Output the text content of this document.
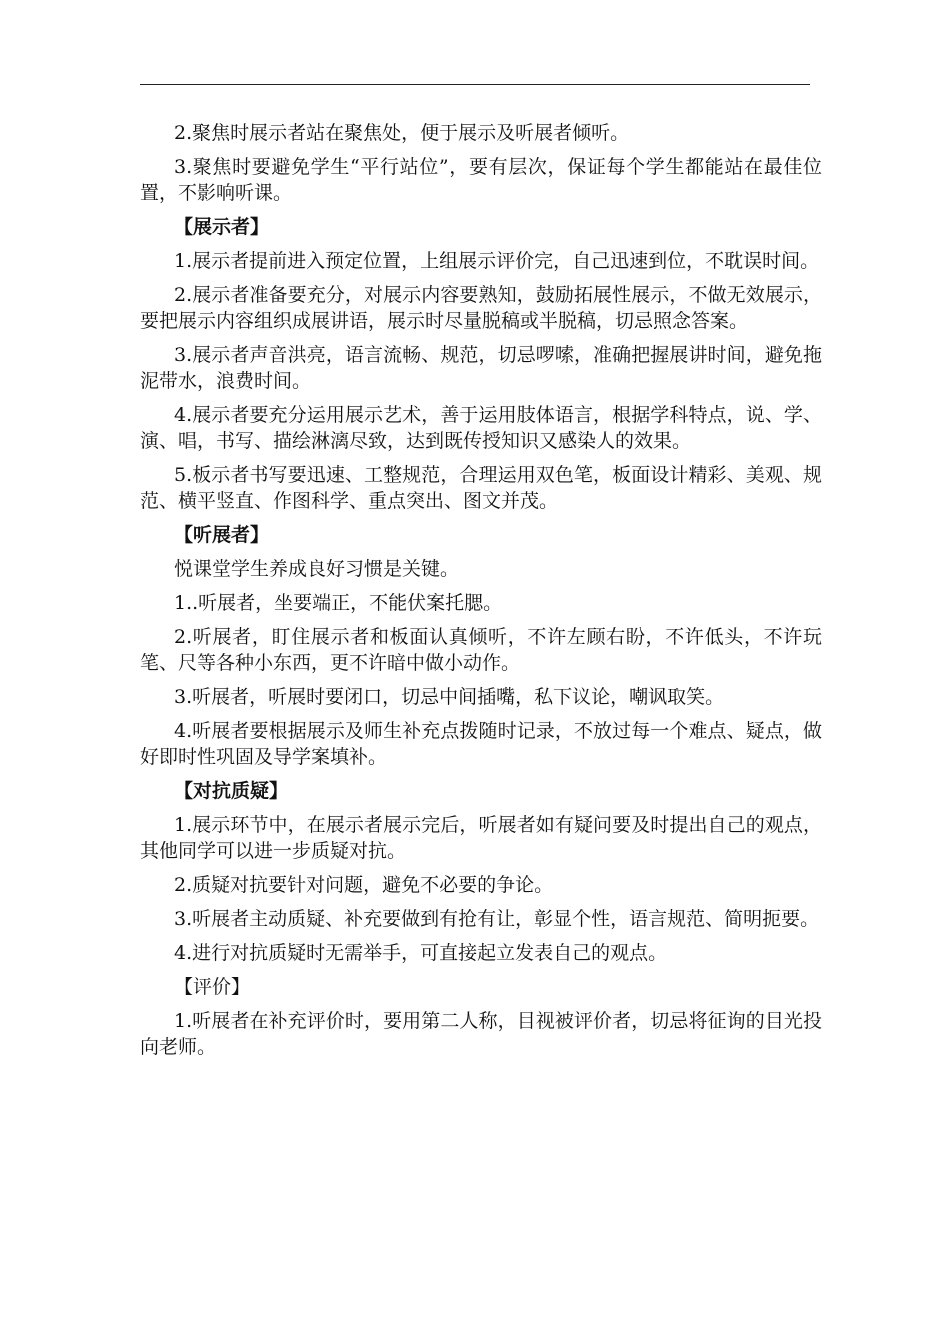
2.聚焦时展示者站在聚焦处，便于展示及听展者倾听。

3.聚焦时要避免学生“平行站位”，要有层次，保证每个学生都能站在最佳位置，不影响听课。

【展示者】

1.展示者提前进入预定位置，上组展示评价完，自己迅速到位，不耽误时间。

2.展示者准备要充分，对展示内容要熟知，鼓励拓展性展示，不做无效展示，要把展示内容组织成展讲语，展示时尽量脱稿或半脱稿，切忌照念答案。

3.展示者声音洪亮，语言流畅、规范，切忌啰嗦，准确把握展讲时间，避免拖泥带水，浪费时间。

4.展示者要充分运用展示艺术，善于运用肢体语言，根据学科特点，说、学、演、唱，书写、描绘淋漓尽致，达到既传授知识又感染人的效果。

5.板示者书写要迅速、工整规范，合理运用双色笔，板面设计精彩、美观、规范、横平竖直、作图科学、重点突出、图文并茂。

【听展者】

悦课堂学生养成良好习惯是关键。

1..听展者，坐要端正，不能伏案托腮。

2.听展者，盯住展示者和板面认真倾听，不许左顾右盼，不许低头，不许玩笔、尺等各种小东西，更不许暗中做小动作。

3.听展者，听展时要闭口，切忌中间插嘴，私下议论，嘲讽取笑。

4.听展者要根据展示及师生补充点拨随时记录，不放过每一个难点、疑点，做好即时性巩固及导学案填补。

【对抗质疑】

1.展示环节中，在展示者展示完后，听展者如有疑问要及时提出自己的观点，其他同学可以进一步质疑对抗。

2.质疑对抗要针对问题，避免不必要的争论。

3.听展者主动质疑、补充要做到有抢有让，彰显个性，语言规范、简明扼要。

4.进行对抗质疑时无需举手，可直接起立发表自己的观点。

【评价】

1.听展者在补充评价时，要用第二人称，目视被评价者，切忌将征询的目光投向老师。
